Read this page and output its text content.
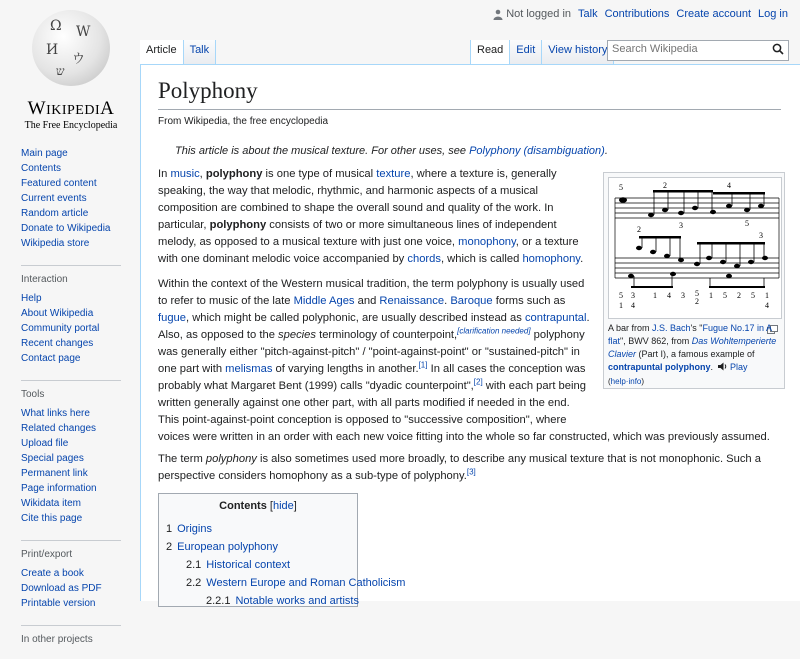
Ω W
И
ウ
ש
WIKIPEDIA
The Free Encyclopedia
Not logged in Talk Contributions Create account Log in
Article	Talk	Read	Edit	View history
Search Wikipedia
Main page
Contents
Featured content
Current events
Random article
Donate to Wikipedia
Wikipedia store
Interaction
Help
About Wikipedia
Community portal
Recent changes
Contact page
Tools
What links here
Related changes
Upload file
Special pages
Permanent link
Page information
Wikidata item
Cite this page
Print/export
Create a book
Download as PDF
Printable version
In other projects
Polyphony
From Wikipedia, the free encyclopedia
This article is about the musical texture. For other uses, see Polyphony (disambiguation).

In music, polyphony is one type of musical texture, where a texture is, generally speaking, the way that melodic, rhythmic, and harmonic aspects of a musical composition are combined to shape the overall sound and quality of the work. In particular, polyphony consists of two or more simultaneous lines of independent melody, as opposed to a musical texture with just one voice, monophony, or a texture with one dominant melodic voice accompanied by chords, which is called homophony.

Within the context of the Western musical tradition, the term polyphony is usually used to refer to music of the late Middle Ages and Renaissance. Baroque forms such as fugue, which might be called polyphonic, are usually described instead as contrapuntal. Also, as opposed to the species terminology of counterpoint,[clarification needed] polyphony was generally either "pitch-against-pitch" / "point-against-point" or "sustained-pitch" in one part with melismas of varying lengths in another.[1] In all cases the conception was probably what Margaret Bent (1999) calls "dyadic counterpoint",[2] with each part being written generally against one other part, with all parts modified if needed in the end. This point-against-point conception is opposed to "successive composition", where voices were written in an order with each new voice fitting into the whole so far constructed, which was previously assumed.

The term polyphony is also sometimes used more broadly, to describe any musical texture that is not monophonic. Such a perspective considers homophony as a sub-type of polyphony.[3]

5	2
3
4
5
2
3
5 3
1 4
1 4 3 5
2
1 5 2 5 1
4
A bar from J.S. Bach's "Fugue No.17 in A flat", BWV 862, from Das Wohltemperierte Clavier (Part I), a famous example of contrapuntal polyphony. Play (help·info)
Contents [hide]
1 Origins
2 European polyphony
2.1 Historical context
2.2 Western Europe and Roman Catholicism
2.2.1 Notable works and artists
